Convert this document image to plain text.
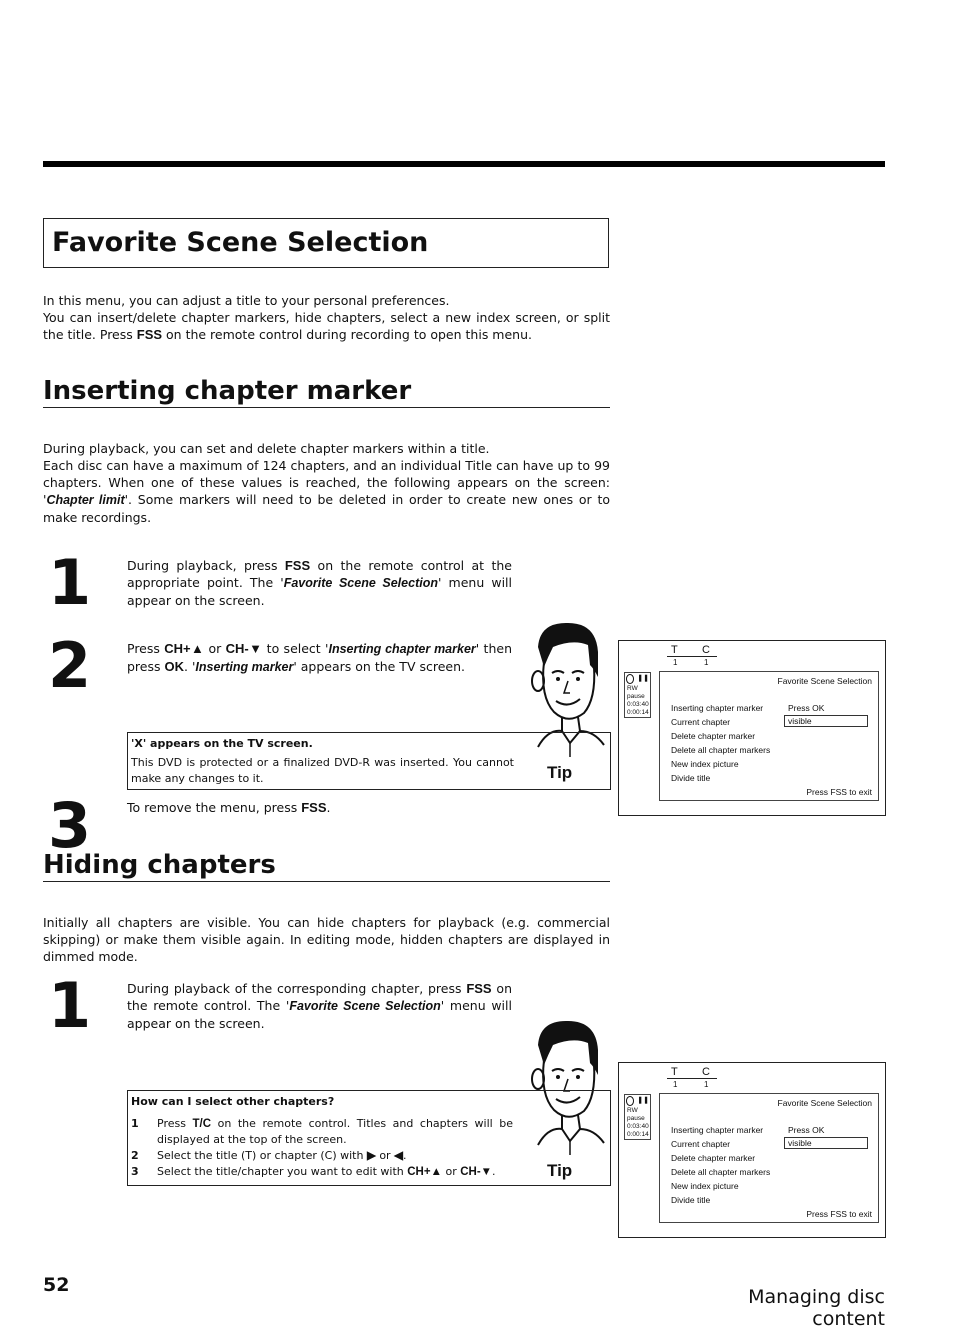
Favorite Scene Selection

In this menu, you can adjust a title to your personal preferences.

You can insert/delete chapter markers, hide chapters, select a new index screen, or split the title. Press FSS on the remote control during recording to open this menu.

Inserting chapter marker

During playback, you can set and delete chapter markers within a title.

Each disc can have a maximum of 124 chapters, and an individual Title can have up to 99 chapters. When one of these values is reached, the following appears on the screen: 'Chapter limit'. Some markers will need to be deleted in order to create new ones or to make recordings.

1	During playback, press FSS on the remote control at the appropriate point. The 'Favorite Scene Selection' menu will appear on the screen.

2	Press CH+▲ or CH-▼ to select 'Inserting chapter marker' then press OK. 'Inserting marker' appears on the TV screen.

'X' appears on the TV screen.

This DVD is protected or a finalized DVD-R was inserted. You cannot make any changes to it.	Tip
T C
1	1
❚❚
RW pause
0:03:40
0:00:14
Favorite Scene Selection
Inserting chapter marker
Current chapter
Delete chapter marker
Delete all chapter markers
New index picture
Divide title
Press OK
visible
Press FSS to exit
3	To remove the menu, press FSS.

Hiding chapters

Initially all chapters are visible. You can hide chapters for playback (e.g. commercial skipping) or make them visible again. In editing mode, hidden chapters are displayed in dimmed mode.

1	During playback of the corresponding chapter, press FSS on the remote control. The 'Favorite Scene Selection' menu will appear on the screen.

How can I select other chapters?

1	Press T/C on the remote control. Titles and chapters will be displayed at the top of the screen.

2	Select the title (T) or chapter (C) with ▶ or ◀.

3	Select the title/chapter you want to edit with CH+▲ or CH-▼.	Tip
T C
1	1
❚❚
RW pause
0:03:40
0:00:14
Favorite Scene Selection
Inserting chapter marker
Current chapter
Delete chapter marker
Delete all chapter markers
New index picture
Divide title
Press OK
visible
Press FSS to exit
52
Managing disc content
